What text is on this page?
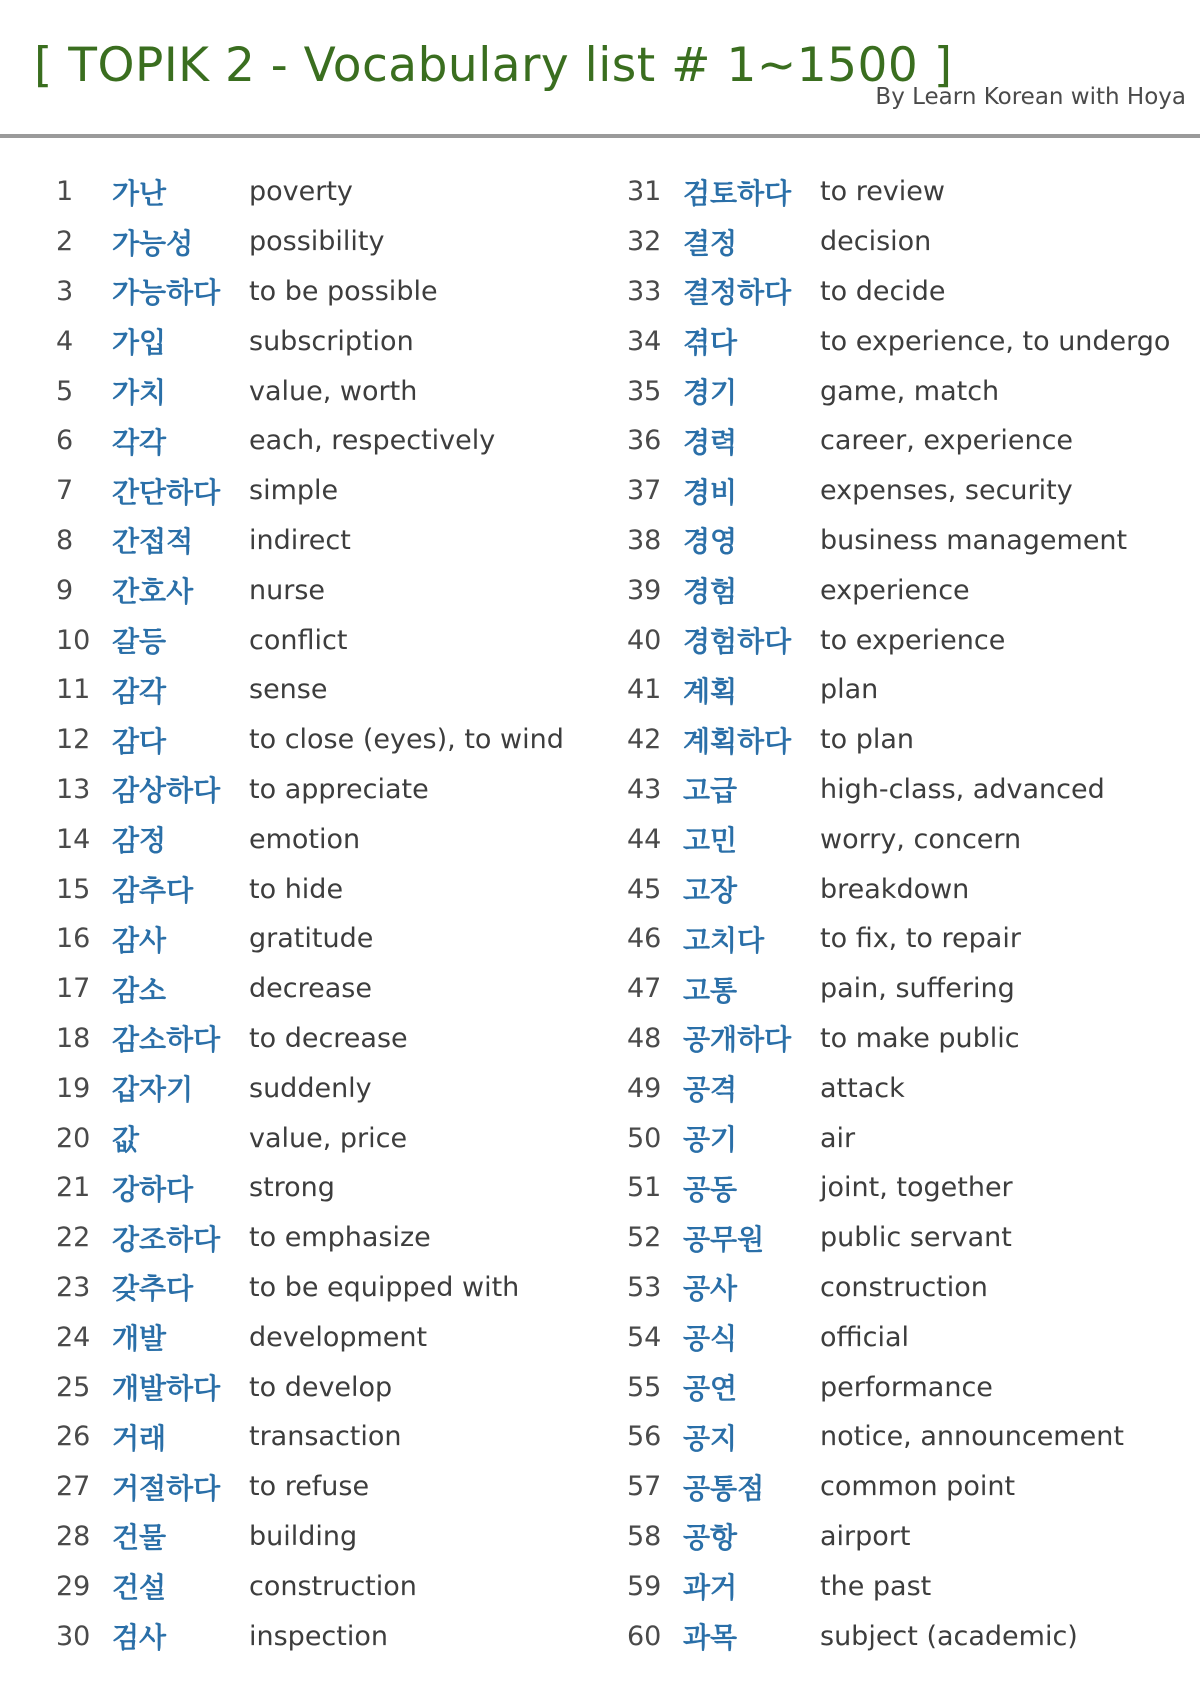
[ TOPIK 2 - Vocabulary list # 1~1500 ]
By Learn Korean with Hoya
1	가난	poverty
2	가능성	possibility
3	가능하다	to be possible
4	가입	subscription
5	가치	value, worth
6	각각	each, respectively
7	간단하다	simple
8	간접적	indirect
9	간호사	nurse
10 갈등	conflict
11 감각	sense
12 감다	to close (eyes), to wind
13 감상하다	to appreciate
14 감정	emotion
15 감추다	to hide
16 감사	gratitude
17 감소	decrease
18 감소하다	to decrease
19 갑자기	suddenly
20 값	value, price
21 강하다	strong
22 강조하다	to emphasize
23 갖추다	to be equipped with
24 개발	development
25 개발하다	to develop
26 거래	transaction
27 거절하다	to refuse
28 건물	building
29 건설	construction
30 검사	inspection
31 검토하다	to review
32 결정	decision
33 결정하다	to decide
34 겪다	to experience, to undergo
35 경기	game, match
36 경력	career, experience
37 경비	expenses, security
38 경영	business management
39 경험	experience
40 경험하다	to experience
41 계획	plan
42 계획하다	to plan
43 고급	high-class, advanced
44 고민	worry, concern
45 고장	breakdown
46 고치다	to fix, to repair
47 고통	pain, suffering
48 공개하다	to make public
49 공격	attack
50 공기	air
51 공동	joint, together
52 공무원	public servant
53 공사	construction
54 공식	official
55 공연	performance
56 공지	notice, announcement
57 공통점	common point
58 공항	airport
59 과거	the past
60 과목	subject (academic)
